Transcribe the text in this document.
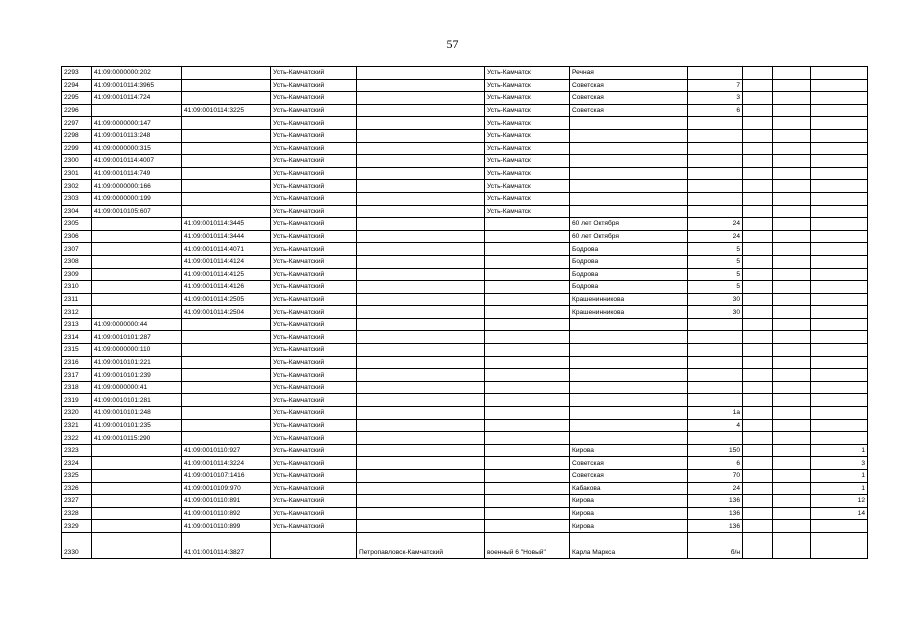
57
2293	41:09:0000000:202		Усть-Камчатский		Усть-Камчатск	Речная				
2294	41:09:0010114:3965		Усть-Камчатский		Усть-Камчатск	Советская	7			
2295	41:09:0010114:724		Усть-Камчатский		Усть-Камчатск	Советская	3			
2296		41:09:0010114:3225	Усть-Камчатский		Усть-Камчатск	Советская	6			
2297	41:09:0000000:147		Усть-Камчатский		Усть-Камчатск					
2298	41:09:0010113:248		Усть-Камчатский		Усть-Камчатск					
2299	41:09:0000000:315		Усть-Камчатский		Усть-Камчатск					
2300	41:09:0010114:4007		Усть-Камчатский		Усть-Камчатск					
2301	41:09:0010114:749		Усть-Камчатский		Усть-Камчатск					
2302	41:09:0000000:166		Усть-Камчатский		Усть-Камчатск					
2303	41:09:0000000:199		Усть-Камчатский		Усть-Камчатск					
2304	41:09:0010105:607		Усть-Камчатский		Усть-Камчатск					
2305		41:09:0010114:3445	Усть-Камчатский			60 лет Октября	24			
2306		41:09:0010114:3444	Усть-Камчатский			60 лет Октября	24			
2307		41:09:0010114:4071	Усть-Камчатский			Бодрова	5			
2308		41:09:0010114:4124	Усть-Камчатский			Бодрова	5			
2309		41:09:0010114:4125	Усть-Камчатский			Бодрова	5			
2310		41:09:0010114:4126	Усть-Камчатский			Бодрова	5			
2311		41:09:0010114:2505	Усть-Камчатский			Крашенинникова	30			
2312		41:09:0010114:2504	Усть-Камчатский			Крашенинникова	30			
2313	41:09:0000000:44		Усть-Камчатский							
2314	41:09:0010101:287		Усть-Камчатский							
2315	41:09:0000000:110		Усть-Камчатский							
2316	41:09:0010101:221		Усть-Камчатский							
2317	41:09:0010101:239		Усть-Камчатский							
2318	41:09:0000000:41		Усть-Камчатский							
2319	41:09:0010101:281		Усть-Камчатский							
2320	41:09:0010101:248		Усть-Камчатский				1а			
2321	41:09:0010101:235		Усть-Камчатский				4			
2322	41:09:0010115:290		Усть-Камчатский							
2323		41:09:0010110:927	Усть-Камчатский			Кирова	150			1
2324		41:09:0010114:3224	Усть-Камчатский			Советская	6			3
2325		41:09:0010107:1416	Усть-Камчатский			Советская	70			1
2326		41:09:0010109:970	Усть-Камчатский			Кабакова	24			1
2327		41:09:0010110:891	Усть-Камчатский			Кирова	136			12
2328		41:09:0010110:892	Усть-Камчатский			Кирова	136			14
2329		41:09:0010110:899	Усть-Камчатский			Кирова	136			
2330		41:01:0010114:3827		Петропавловск-Камчатский	военный 6 "Новый"	Карла Маркса	б/н			
